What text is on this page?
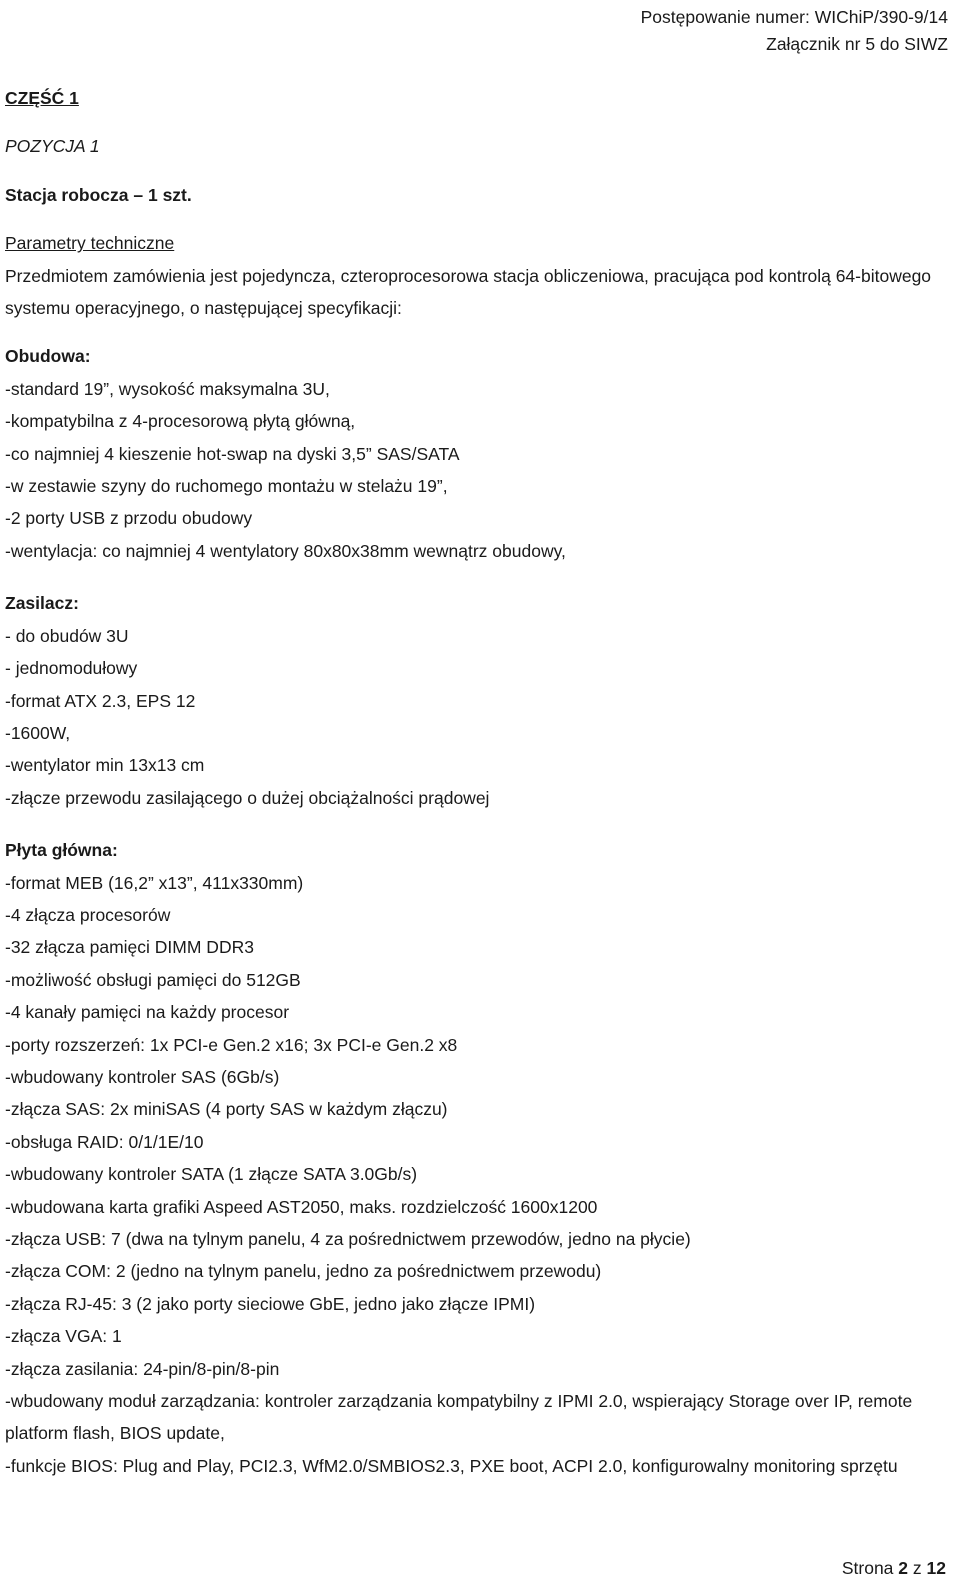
Postępowanie numer: WIChiP/390-9/14
Załącznik nr 5 do SIWZ
CZĘŚĆ 1
POZYCJA 1
Stacja robocza – 1 szt.
Parametry techniczne
Przedmiotem zamówienia jest pojedyncza, czteroprocesorowa stacja obliczeniowa, pracująca pod kontrolą 64-bitowego systemu operacyjnego, o następującej specyfikacji:
Obudowa:
-standard 19”, wysokość maksymalna 3U,
-kompatybilna z 4-procesorową płytą główną,
-co najmniej 4 kieszenie hot-swap na dyski 3,5” SAS/SATA
-w zestawie szyny do ruchomego montażu w stelażu 19”,
-2 porty USB z przodu obudowy
-wentylacja: co najmniej 4 wentylatory 80x80x38mm wewnątrz obudowy,
Zasilacz:
- do obudów 3U
- jednomodułowy
-format ATX 2.3, EPS 12
-1600W,
-wentylator min 13x13 cm
-złącze przewodu zasilającego o dużej obciążalności prądowej
Płyta główna:
-format MEB (16,2” x13”, 411x330mm)
-4 złącza procesorów
-32 złącza pamięci DIMM DDR3
-możliwość obsługi pamięci do 512GB
-4 kanały pamięci na każdy procesor
-porty rozszerzeń: 1x PCI-e Gen.2 x16; 3x PCI-e Gen.2 x8
-wbudowany kontroler SAS (6Gb/s)
-złącza SAS: 2x miniSAS (4 porty SAS w każdym złączu)
-obsługa RAID: 0/1/1E/10
-wbudowany kontroler SATA (1 złącze SATA 3.0Gb/s)
-wbudowana karta grafiki Aspeed AST2050, maks. rozdzielczość 1600x1200
-złącza USB: 7 (dwa na tylnym panelu, 4 za pośrednictwem przewodów, jedno na płycie)
-złącza COM: 2 (jedno na tylnym panelu, jedno za pośrednictwem przewodu)
-złącza RJ-45: 3 (2 jako porty sieciowe GbE, jedno jako złącze IPMI)
-złącza VGA: 1
-złącza zasilania: 24-pin/8-pin/8-pin
-wbudowany moduł zarządzania: kontroler zarządzania kompatybilny z IPMI 2.0, wspierający Storage over IP, remote platform flash, BIOS update,
-funkcje BIOS: Plug and Play, PCI2.3, WfM2.0/SMBIOS2.3, PXE boot, ACPI 2.0, konfigurowalny monitoring sprzętu
Strona 2 z 12
